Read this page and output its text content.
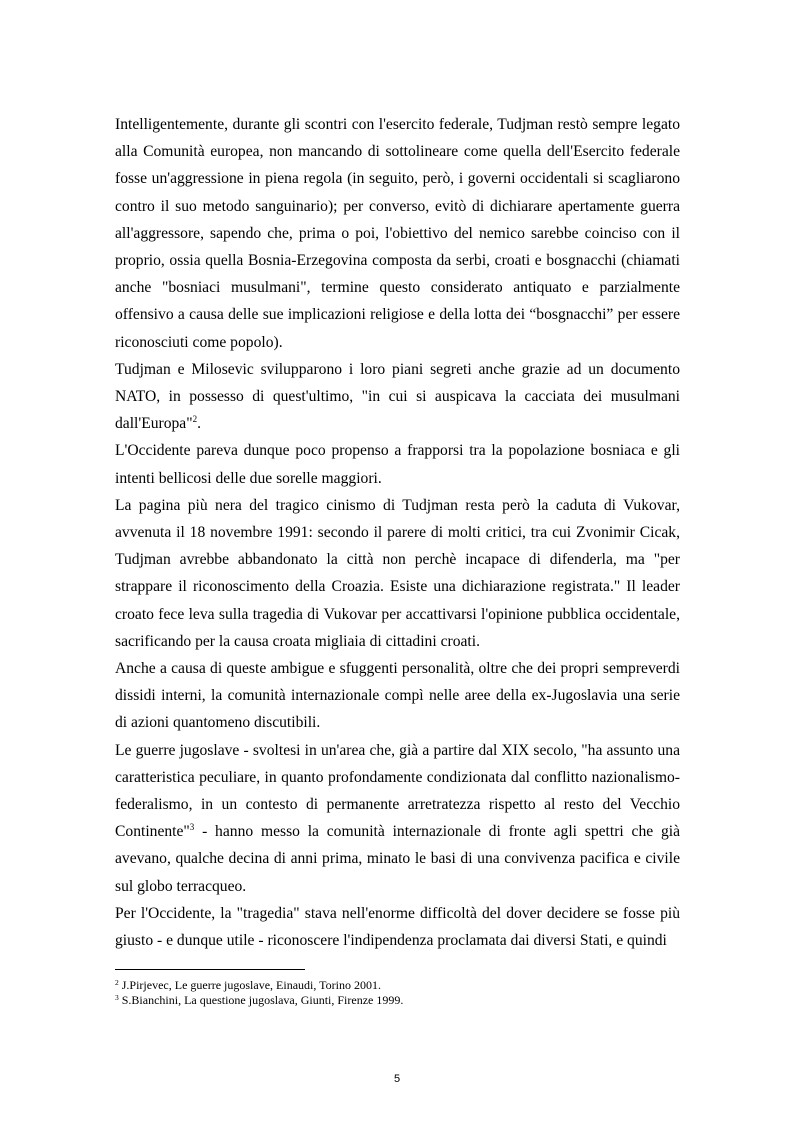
Intelligentemente, durante gli scontri con l'esercito federale, Tudjman restò sempre legato alla Comunità europea, non mancando di sottolineare come quella dell'Esercito federale fosse un'aggressione in piena regola (in seguito, però, i governi occidentali si scagliarono contro il suo metodo sanguinario); per converso, evitò di dichiarare apertamente guerra all'aggressore, sapendo che, prima o poi, l'obiettivo del nemico sarebbe coinciso con il proprio, ossia quella Bosnia-Erzegovina composta da serbi, croati e bosgnacchi (chiamati anche "bosniaci musulmani", termine questo considerato antiquato e parzialmente offensivo a causa delle sue implicazioni religiose e della lotta dei “bosgnacchi” per essere riconosciuti come popolo).

Tudjman e Milosevic svilupparono i loro piani segreti anche grazie ad un documento NATO, in possesso di quest'ultimo, "in cui si auspicava la cacciata dei musulmani dall'Europa"$^2$.

L'Occidente pareva dunque poco propenso a frapporsi tra la popolazione bosniaca e gli intenti bellicosi delle due sorelle maggiori.

La pagina più nera del tragico cinismo di Tudjman resta però la caduta di Vukovar, avvenuta il 18 novembre 1991: secondo il parere di molti critici, tra cui Zvonimir Cicak, Tudjman avrebbe abbandonato la città non perchè incapace di difenderla, ma "per strappare il riconoscimento della Croazia. Esiste una dichiarazione registrata." Il leader croato fece leva sulla tragedia di Vukovar per accattivarsi l'opinione pubblica occidentale, sacrificando per la causa croata migliaia di cittadini croati.

Anche a causa di queste ambigue e sfuggenti personalità, oltre che dei propri sempreverdi dissidi interni, la comunità internazionale compì nelle aree della ex-Jugoslavia una serie di azioni quantomeno discutibili.

Le guerre jugoslave - svoltesi in un'area che, già a partire dal XIX secolo, "ha assunto una caratteristica peculiare, in quanto profondamente condizionata dal conflitto nazionalismo-federalismo, in un contesto di permanente arretratezza rispetto al resto del Vecchio Continente"$^3$ - hanno messo la comunità internazionale di fronte agli spettri che già avevano, qualche decina di anni prima, minato le basi di una convivenza pacifica e civile sul globo terracqueo.

Per l'Occidente, la "tragedia" stava nell'enorme difficoltà del dover decidere se fosse più giusto - e dunque utile - riconoscere l'indipendenza proclamata dai diversi Stati, e quindi

$^2$ J.Pirjevec, Le guerre jugoslave, Einaudi, Torino 2001.

$^3$ S.Bianchini, La questione jugoslava, Giunti, Firenze 1999.

5
